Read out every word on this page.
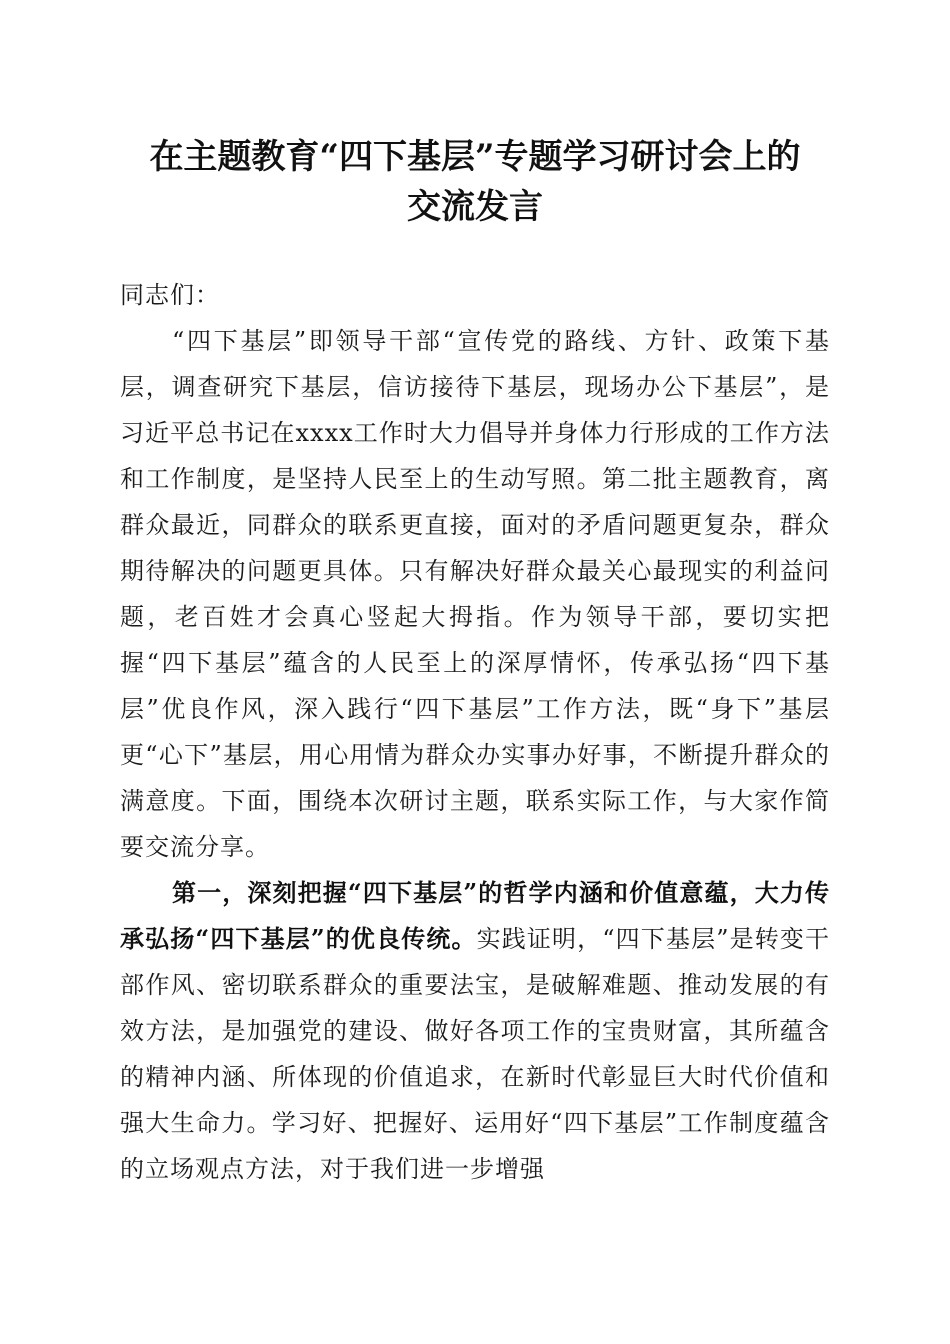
在主题教育“四下基层”专题学习研讨会上的
交流发言

同志们：

“四下基层”即领导干部“宣传党的路线、方针、政策下基层，调查研究下基层，信访接待下基层，现场办公下基层”，是习近平总书记在xxxx工作时大力倡导并身体力行形成的工作方法和工作制度，是坚持人民至上的生动写照。第二批主题教育，离群众最近，同群众的联系更直接，面对的矛盾问题更复杂，群众期待解决的问题更具体。只有解决好群众最关心最现实的利益问题，老百姓才会真心竖起大拇指。作为领导干部，要切实把握“四下基层”蕴含的人民至上的深厚情怀，传承弘扬“四下基层”优良作风，深入践行“四下基层”工作方法，既“身下”基层更“心下”基层，用心用情为群众办实事办好事，不断提升群众的满意度。下面，围绕本次研讨主题，联系实际工作，与大家作简要交流分享。

第一，深刻把握“四下基层”的哲学内涵和价值意蕴，大力传承弘扬“四下基层”的优良传统。实践证明，“四下基层”是转变干部作风、密切联系群众的重要法宝，是破解难题、推动发展的有效方法，是加强党的建设、做好各项工作的宝贵财富，其所蕴含的精神内涵、所体现的价值追求，在新时代彰显巨大时代价值和强大生命力。学习好、把握好、运用好“四下基层”工作制度蕴含的立场观点方法，对于我们进一步增强
